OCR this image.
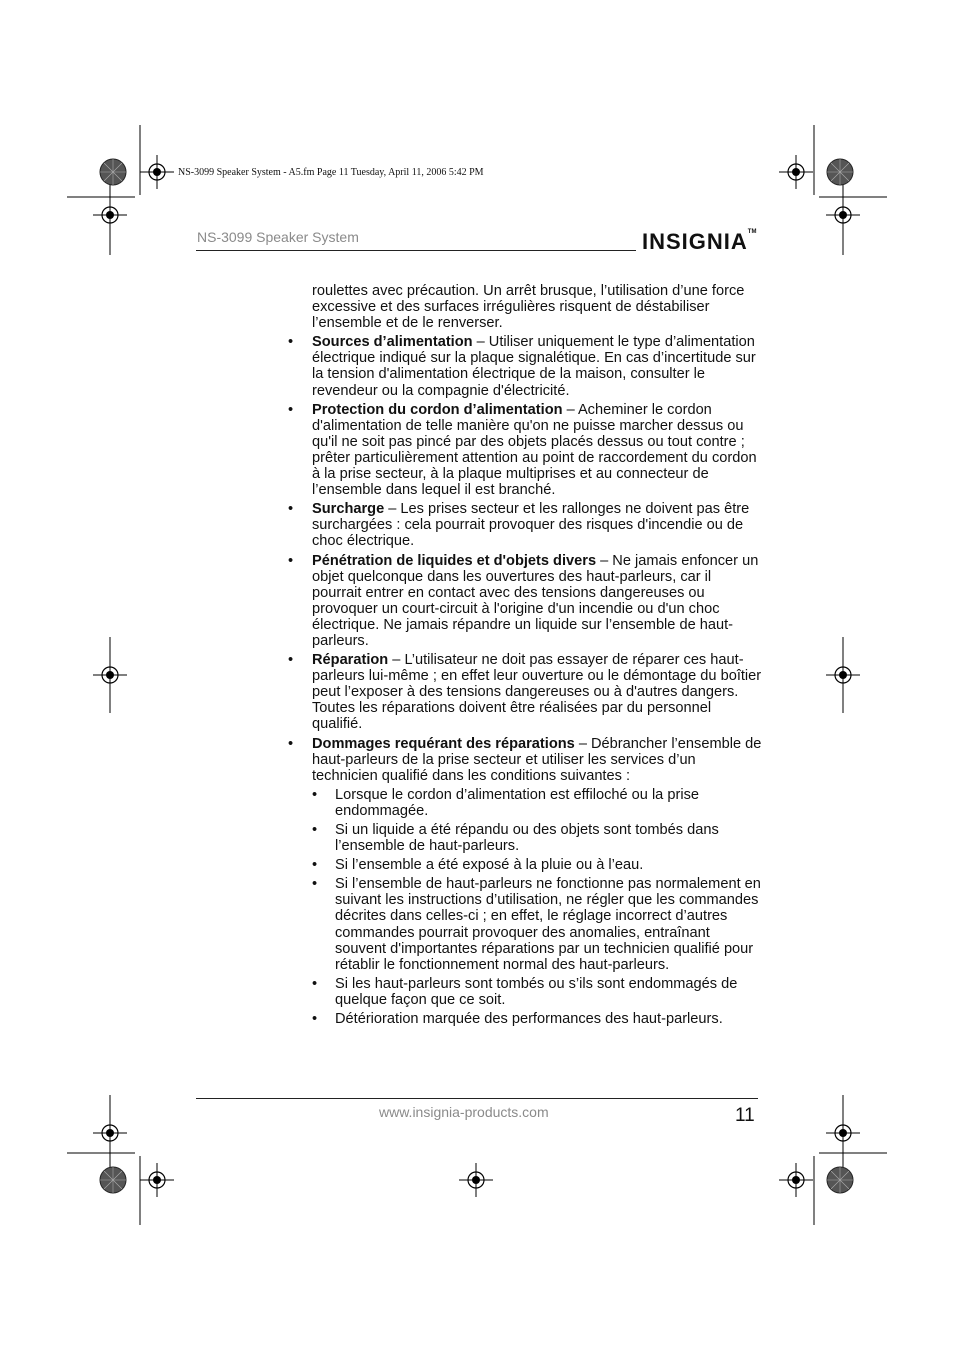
NS-3099 Speaker System - A5.fm Page 11 Tuesday, April 11, 2006 5:42 PM
NS-3099 Speaker System	INSIGNIA™

roulettes avec précaution. Un arrêt brusque, l’utilisation d’une force excessive et des surfaces irrégulières risquent de déstabiliser l’ensemble et de le renverser.

• Sources d’alimentation – Utiliser uniquement le type d’alimentation électrique indiqué sur la plaque signalétique. En cas d’incertitude sur la tension d'alimentation électrique de la maison, consulter le revendeur ou la compagnie d'électricité.
• Protection du cordon d’alimentation – Acheminer le cordon d'alimentation de telle manière qu'on ne puisse marcher dessus ou qu'il ne soit pas pincé par des objets placés dessus ou tout contre ; prêter particulièrement attention au point de raccordement du cordon à la prise secteur, à la plaque multiprises et au connecteur de l’ensemble dans lequel il est branché.
• Surcharge – Les prises secteur et les rallonges ne doivent pas être surchargées : cela pourrait provoquer des risques d'incendie ou de choc électrique.
• Pénétration de liquides et d'objets divers – Ne jamais enfoncer un objet quelconque dans les ouvertures des haut-parleurs, car il pourrait entrer en contact avec des tensions dangereuses ou provoquer un court-circuit à l'origine d'un incendie ou d'un choc électrique. Ne jamais répandre un liquide sur l’ensemble de haut-parleurs.
• Réparation – L’utilisateur ne doit pas essayer de réparer ces haut-parleurs lui-même ; en effet leur ouverture ou le démontage du boîtier peut l’exposer à des tensions dangereuses ou à d'autres dangers. Toutes les réparations doivent être réalisées par du personnel qualifié.
• Dommages requérant des réparations – Débrancher l’ensemble de haut-parleurs de la prise secteur et utiliser les services d’un technicien qualifié dans les conditions suivantes :
• Lorsque le cordon d’alimentation est effiloché ou la prise endommagée.
• Si un liquide a été répandu ou des objets sont tombés dans l’ensemble de haut-parleurs.
• Si l’ensemble a été exposé à la pluie ou à l’eau.
• Si l’ensemble de haut-parleurs ne fonctionne pas normalement en suivant les instructions d’utilisation, ne régler que les commandes décrites dans celles-ci ; en effet, le réglage incorrect d’autres commandes pourrait provoquer des anomalies, entraînant souvent d'importantes réparations par un technicien qualifié pour rétablir le fonctionnement normal des haut-parleurs.
• Si les haut-parleurs sont tombés ou s’ils sont endommagés de quelque façon que ce soit.
• Détérioration marquée des performances des haut-parleurs.
www.insignia-products.com	11
